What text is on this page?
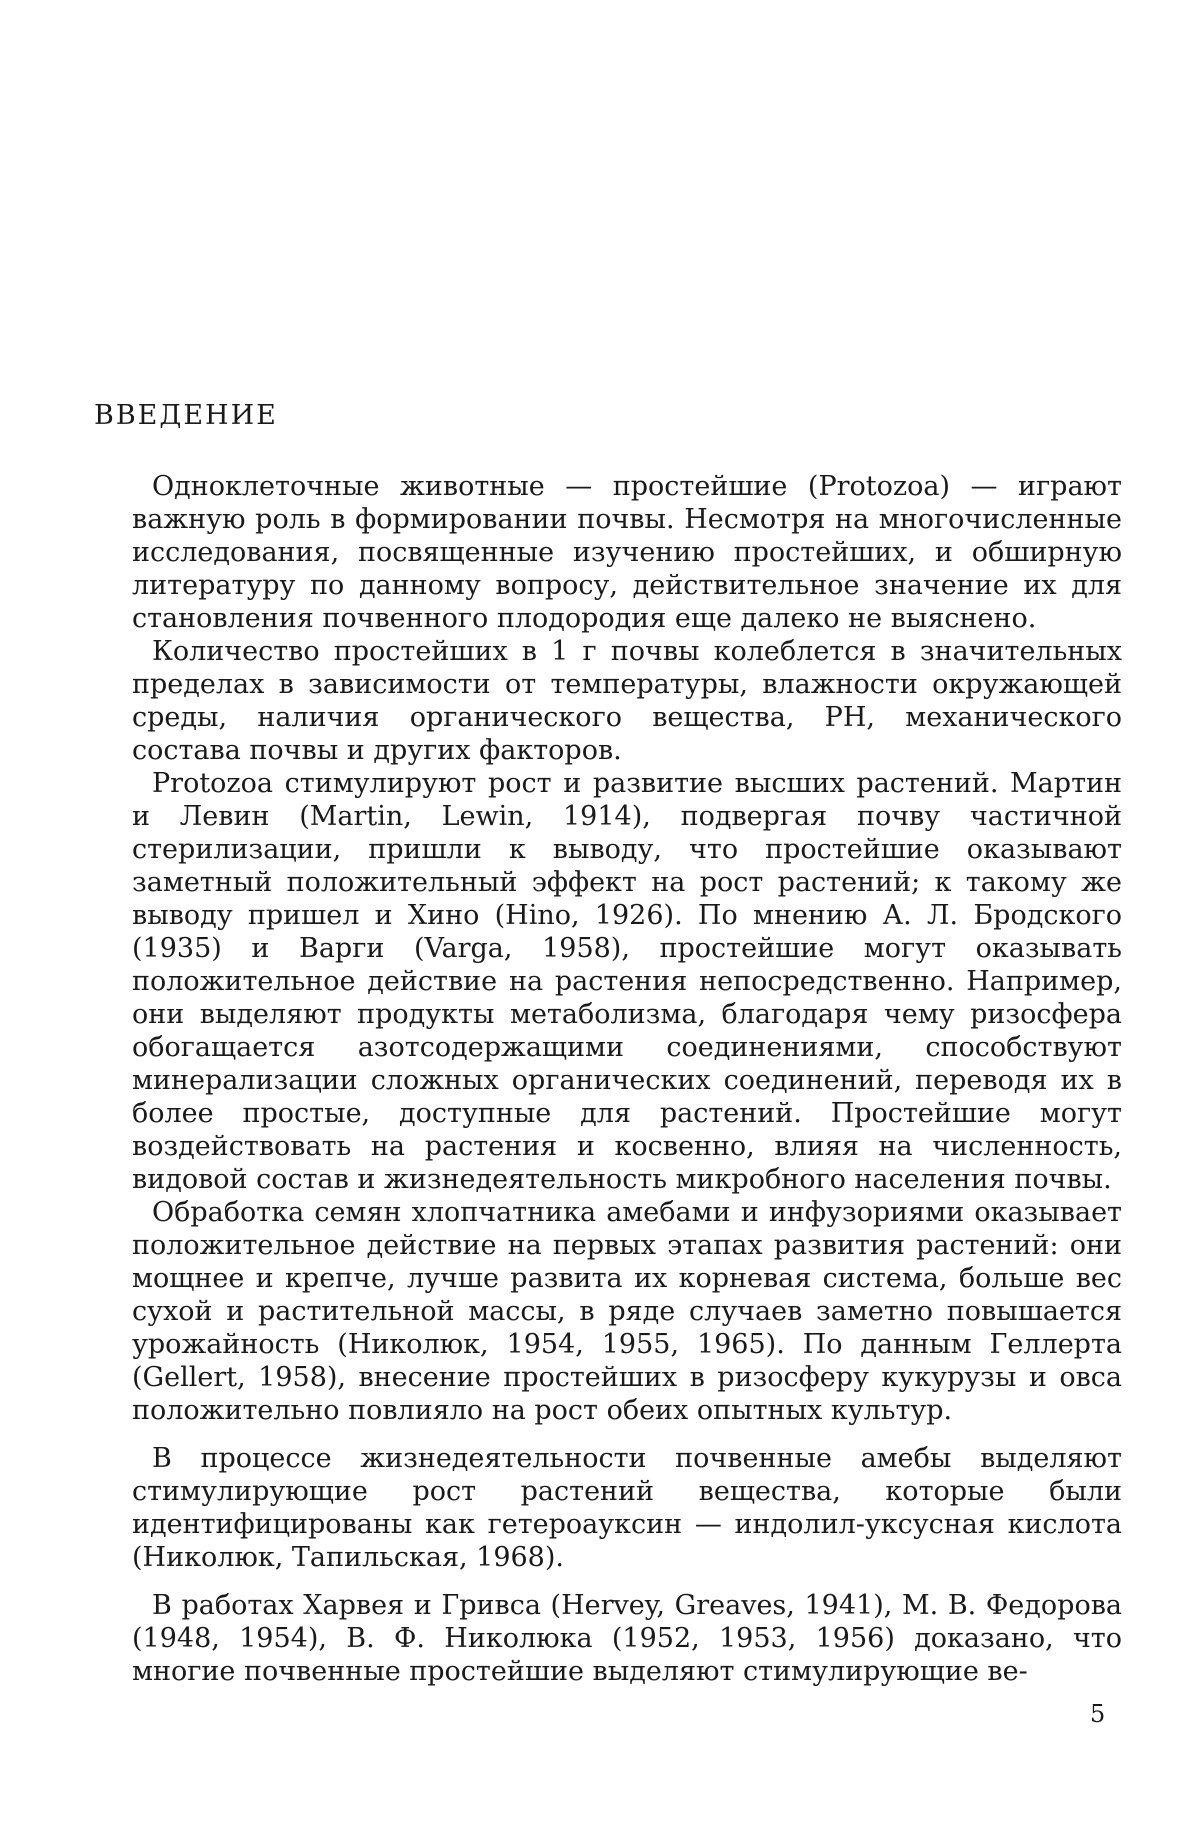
ВВЕДЕНИЕ

Одноклеточные животные — простейшие (Protozoa) — играют важную роль в формировании почвы. Несмотря на многочисленные исследования, посвященные изучению простейших, и обширную литературу по данному вопросу, действительное значение их для становления почвенного плодородия еще далеко не выяснено.

Количество простейших в 1 г почвы колеблется в значительных пределах в зависимости от температуры, влажности окружающей среды, наличия органического вещества, PH, механического состава почвы и других факторов.

Protozoa стимулируют рост и развитие высших растений. Мартин и Левин (Martin, Lewin, 1914), подвергая почву частичной стерилизации, пришли к выводу, что простейшие оказывают заметный положительный эффект на рост растений; к такому же выводу пришел и Хино (Hino, 1926). По мнению А. Л. Бродского (1935) и Варги (Varga, 1958), простейшие могут оказывать положительное действие на растения непосредственно. Например, они выделяют продукты метаболизма, благодаря чему ризосфера обогащается азотсодержащими соединениями, способствуют минерализации сложных органических соединений, переводя их в более простые, доступные для растений. Простейшие могут воздействовать на растения и косвенно, влияя на численность, видовой состав и жизнедеятельность микробного населения почвы.

Обработка семян хлопчатника амебами и инфузориями оказывает положительное действие на первых этапах развития растений: они мощнее и крепче, лучше развита их корневая система, больше вес сухой и растительной массы, в ряде случаев заметно повышается урожайность (Николюк, 1954, 1955, 1965). По данным Геллерта (Gellert, 1958), внесение простейших в ризосферу кукурузы и овса положительно повлияло на рост обеих опытных культур.

В процессе жизнедеятельности почвенные амебы выделяют стимулирующие рост растений вещества, которые были идентифицированы как гетероауксин — индолил-уксусная кислота (Николюк, Тапильская, 1968).

В работах Харвея и Гривса (Hervey, Greaves, 1941), М. В. Федорова (1948, 1954), В. Ф. Николюка (1952, 1953, 1956) доказано, что многие почвенные простейшие выделяют стимулирующие ве-

5
